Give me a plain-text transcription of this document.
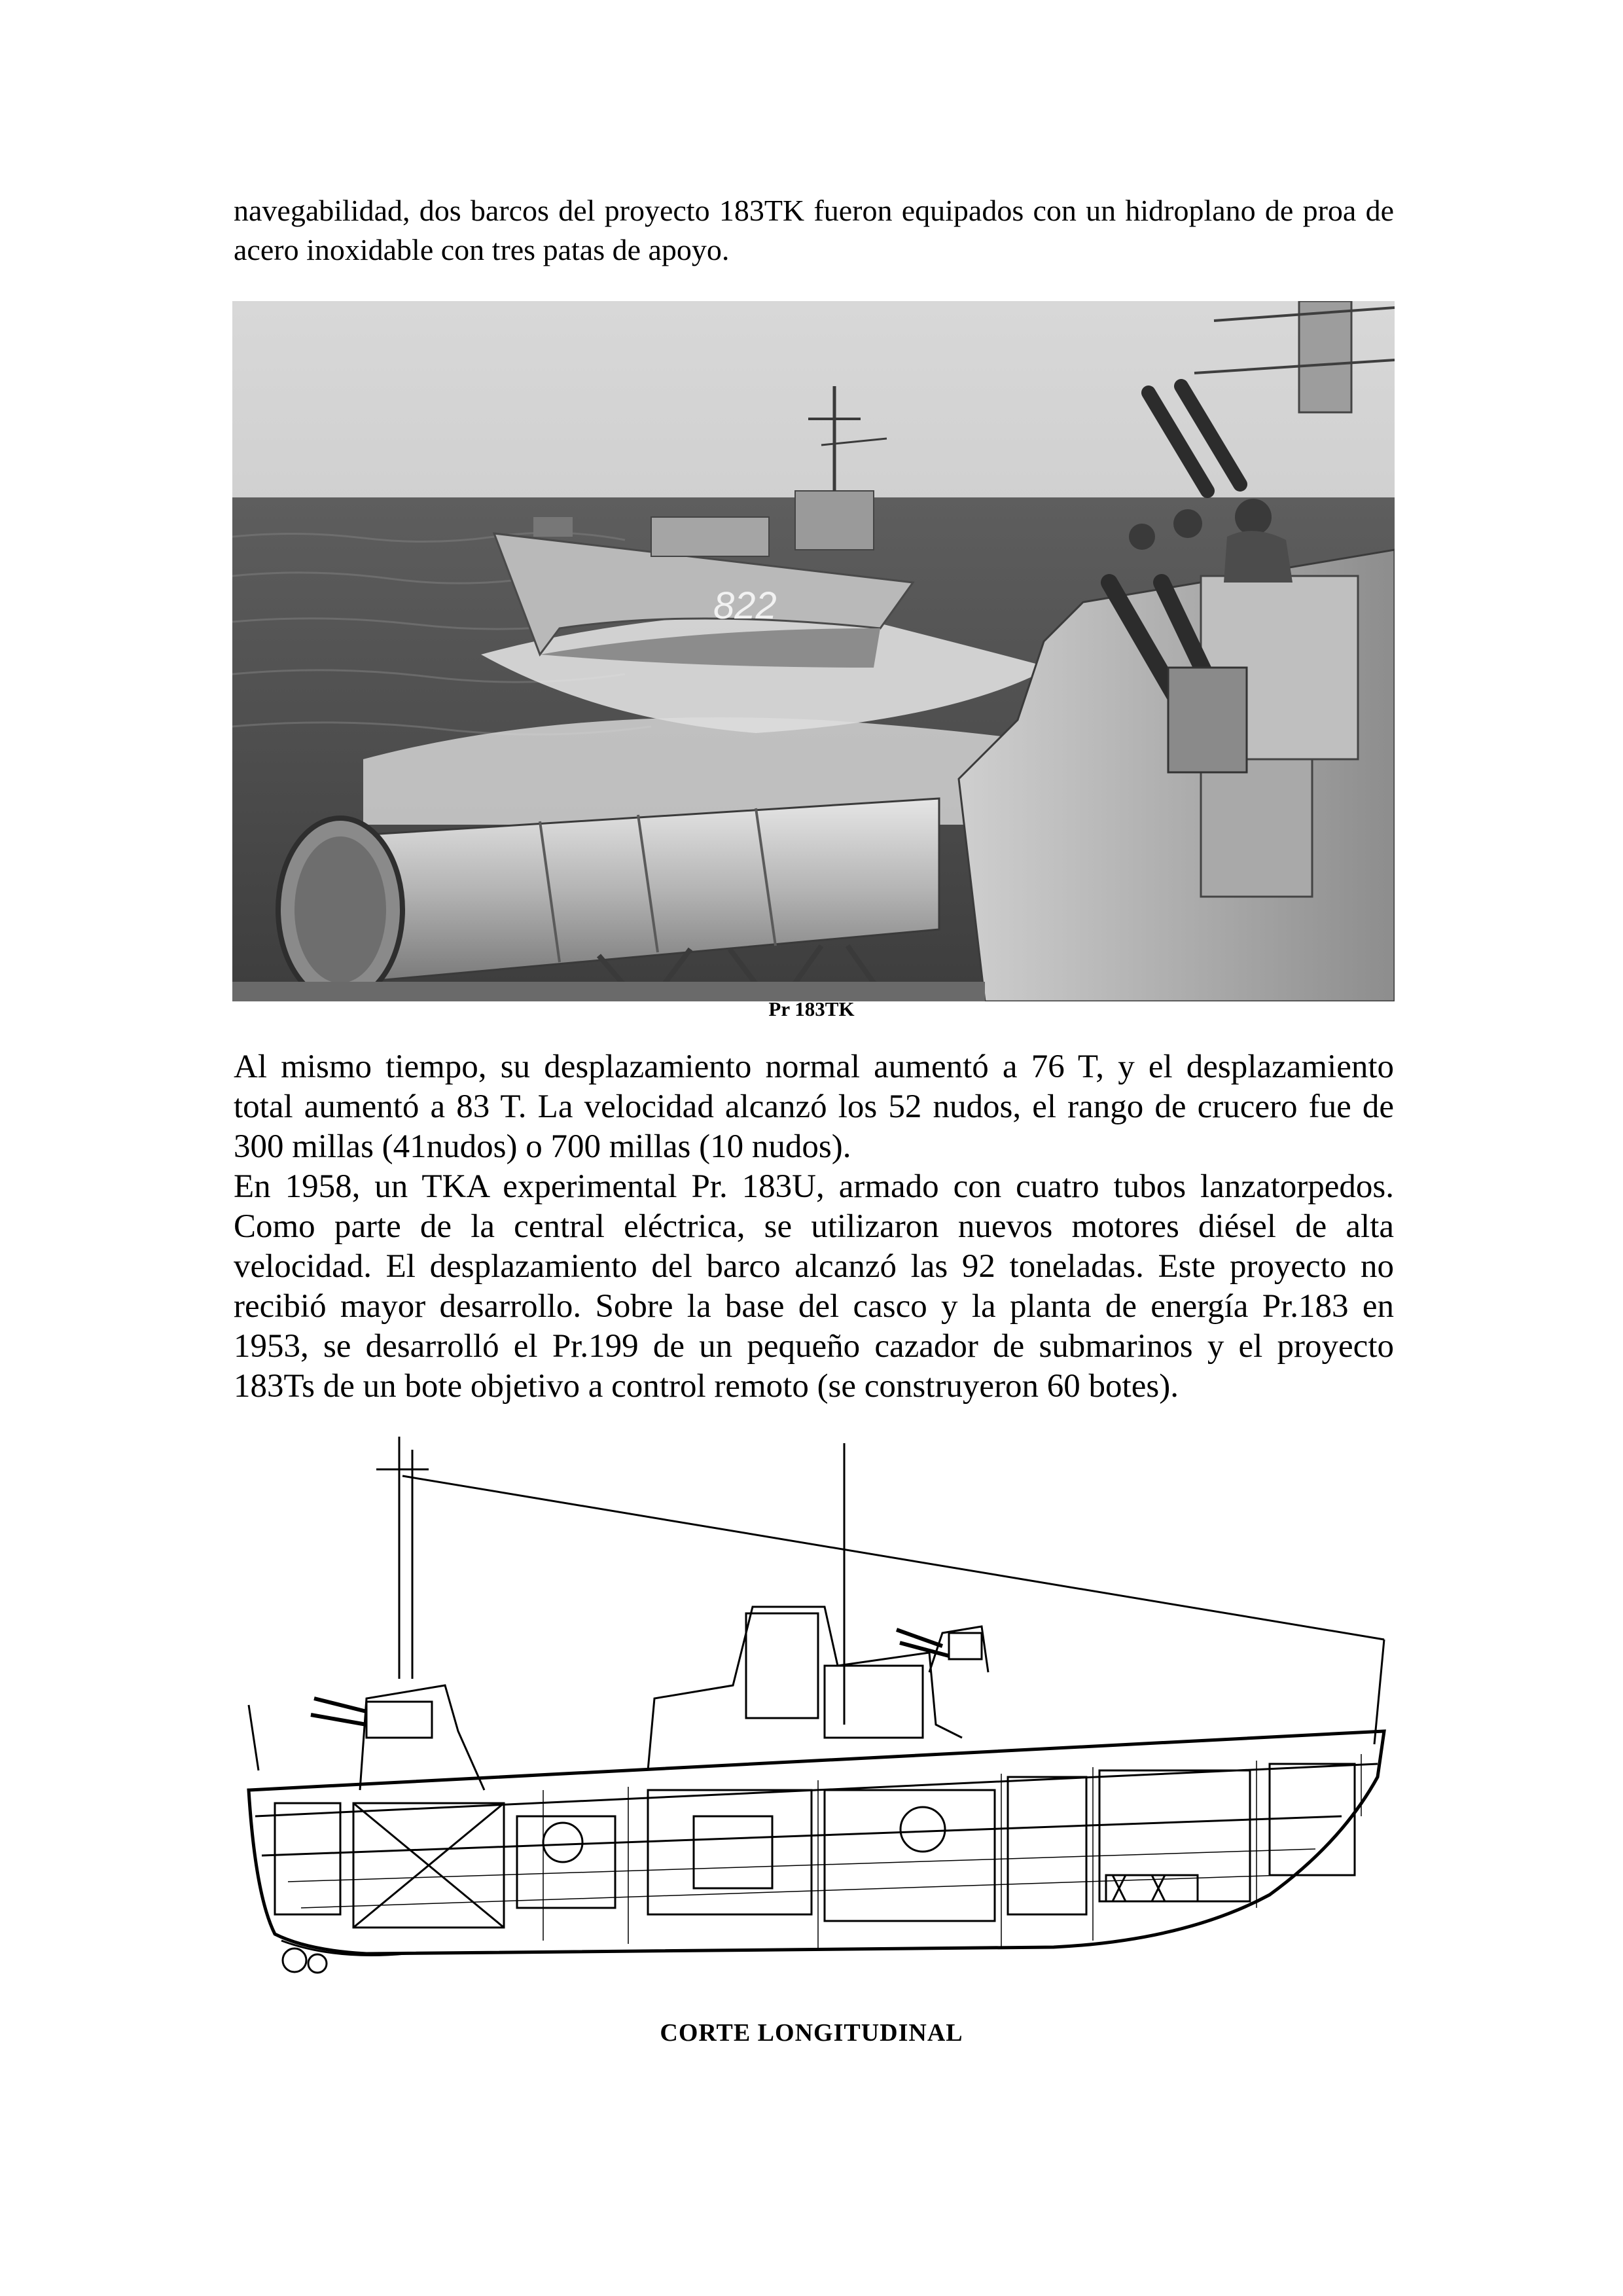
navegabilidad, dos barcos del proyecto 183TK fueron equipados con un hidroplano de proa de acero inoxidable con tres patas de apoyo.

822

Pr 183TK

Al mismo tiempo, su desplazamiento normal aumentó a 76 T, y el desplazamiento total aumentó a 83 T. La velocidad alcanzó los 52 nudos, el rango de crucero fue de 300 millas (41nudos) o 700 millas (10 nudos).

En 1958, un TKA experimental Pr. 183U, armado con cuatro tubos lanzatorpedos. Como parte de la central eléctrica, se utilizaron nuevos motores diésel de alta velocidad. El desplazamiento del barco alcanzó las 92 toneladas. Este proyecto no recibió mayor desarrollo. Sobre la base del casco y la planta de energía Pr.183 en 1953, se desarrolló el Pr.199 de un pequeño cazador de submarinos y el proyecto 183Ts de un bote objetivo a control remoto (se construyeron 60 botes).

CORTE LONGITUDINAL
